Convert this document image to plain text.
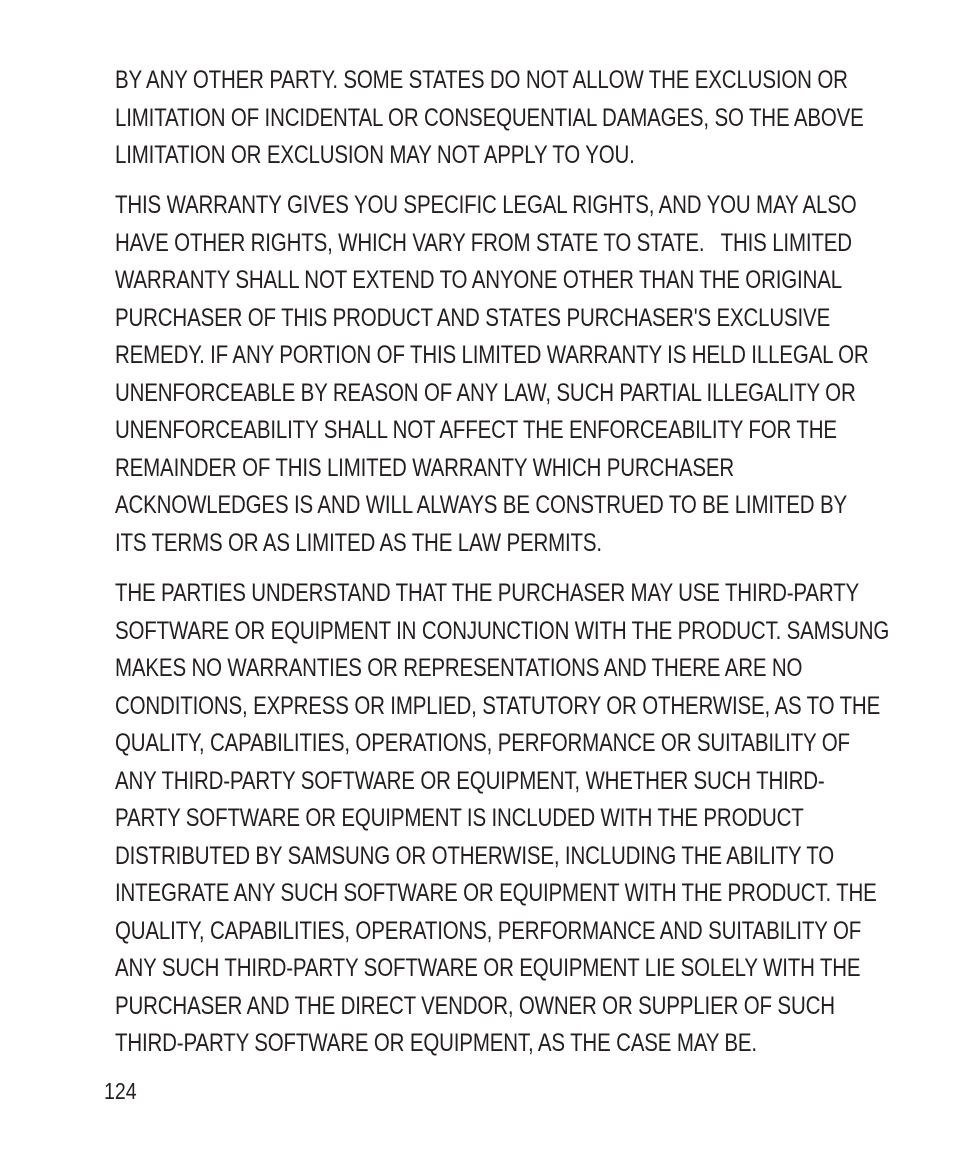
BY ANY OTHER PARTY. SOME STATES DO NOT ALLOW THE EXCLUSION OR
LIMITATION OF INCIDENTAL OR CONSEQUENTIAL DAMAGES, SO THE ABOVE
LIMITATION OR EXCLUSION MAY NOT APPLY TO YOU.
THIS WARRANTY GIVES YOU SPECIFIC LEGAL RIGHTS, AND YOU MAY ALSO
HAVE OTHER RIGHTS, WHICH VARY FROM STATE TO STATE.   THIS LIMITED
WARRANTY SHALL NOT EXTEND TO ANYONE OTHER THAN THE ORIGINAL
PURCHASER OF THIS PRODUCT AND STATES PURCHASER'S EXCLUSIVE
REMEDY. IF ANY PORTION OF THIS LIMITED WARRANTY IS HELD ILLEGAL OR
UNENFORCEABLE BY REASON OF ANY LAW, SUCH PARTIAL ILLEGALITY OR
UNENFORCEABILITY SHALL NOT AFFECT THE ENFORCEABILITY FOR THE
REMAINDER OF THIS LIMITED WARRANTY WHICH PURCHASER
ACKNOWLEDGES IS AND WILL ALWAYS BE CONSTRUED TO BE LIMITED BY
ITS TERMS OR AS LIMITED AS THE LAW PERMITS.
THE PARTIES UNDERSTAND THAT THE PURCHASER MAY USE THIRD-PARTY
SOFTWARE OR EQUIPMENT IN CONJUNCTION WITH THE PRODUCT. SAMSUNG
MAKES NO WARRANTIES OR REPRESENTATIONS AND THERE ARE NO
CONDITIONS, EXPRESS OR IMPLIED, STATUTORY OR OTHERWISE, AS TO THE
QUALITY, CAPABILITIES, OPERATIONS, PERFORMANCE OR SUITABILITY OF
ANY THIRD-PARTY SOFTWARE OR EQUIPMENT, WHETHER SUCH THIRD-
PARTY SOFTWARE OR EQUIPMENT IS INCLUDED WITH THE PRODUCT
DISTRIBUTED BY SAMSUNG OR OTHERWISE, INCLUDING THE ABILITY TO
INTEGRATE ANY SUCH SOFTWARE OR EQUIPMENT WITH THE PRODUCT. THE
QUALITY, CAPABILITIES, OPERATIONS, PERFORMANCE AND SUITABILITY OF
ANY SUCH THIRD-PARTY SOFTWARE OR EQUIPMENT LIE SOLELY WITH THE
PURCHASER AND THE DIRECT VENDOR, OWNER OR SUPPLIER OF SUCH
THIRD-PARTY SOFTWARE OR EQUIPMENT, AS THE CASE MAY BE.
124
